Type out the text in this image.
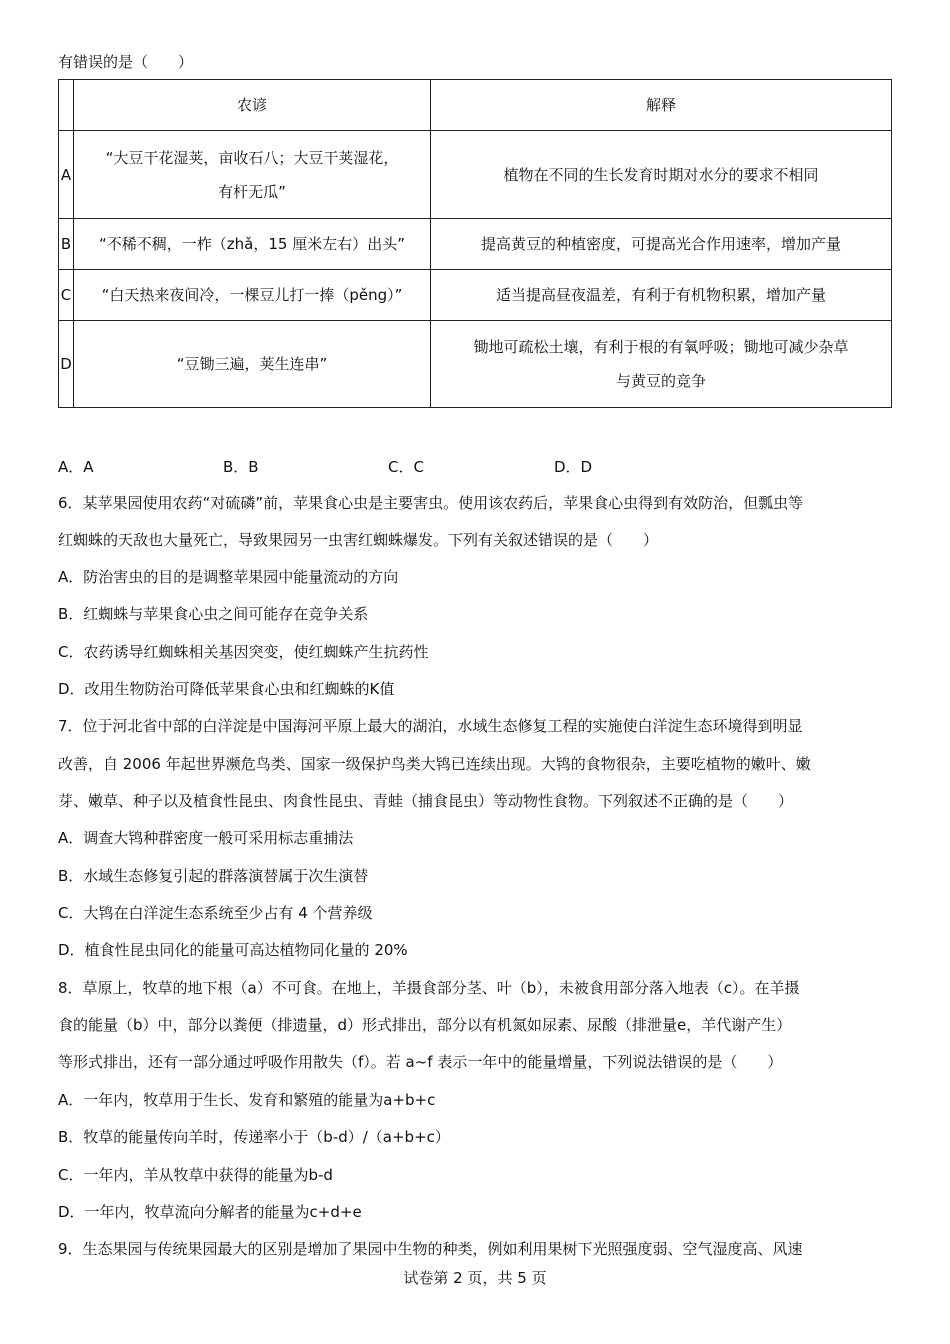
有错误的是（　　）
	农谚	解释
A	“大豆干花湿荚，亩收石八；大豆干荚湿花，
有杆无瓜”	植物在不同的生长发育时期对水分的要求不相同
B	“不稀不稠，一柞（zhǎ，15 厘米左右）出头”	提高黄豆的种植密度，可提高光合作用速率，增加产量
C	“白天热来夜间冷，一棵豆儿打一捧（pěng）”	适当提高昼夜温差，有利于有机物积累，增加产量
D	“豆锄三遍，荚生连串”	锄地可疏松土壤，有利于根的有氧呼吸；锄地可减少杂草
与黄豆的竞争
A．A	B．B	C．C	D．D
6．某苹果园使用农药“对硫磷”前，苹果食心虫是主要害虫。使用该农药后，苹果食心虫得到有效防治，但瓢虫等
红蜘蛛的天敌也大量死亡，导致果园另一虫害红蜘蛛爆发。下列有关叙述错误的是（　　）
A．防治害虫的目的是调整苹果园中能量流动的方向
B．红蜘蛛与苹果食心虫之间可能存在竞争关系
C．农药诱导红蜘蛛相关基因突变，使红蜘蛛产生抗药性
D．改用生物防治可降低苹果食心虫和红蜘蛛的K值
7．位于河北省中部的白洋淀是中国海河平原上最大的湖泊，水域生态修复工程的实施使白洋淀生态环境得到明显
改善，自 2006 年起世界濒危鸟类、国家一级保护鸟类大鸨已连续出现。大鸨的食物很杂，主要吃植物的嫩叶、嫩
芽、嫩草、种子以及植食性昆虫、肉食性昆虫、青蛙（捕食昆虫）等动物性食物。下列叙述不正确的是（　　）
A．调查大鸨种群密度一般可采用标志重捕法
B．水域生态修复引起的群落演替属于次生演替
C．大鸨在白洋淀生态系统至少占有 4 个营养级
D．植食性昆虫同化的能量可高达植物同化量的 20%
8．草原上，牧草的地下根（a）不可食。在地上，羊摄食部分茎、叶（b），未被食用部分落入地表（c）。在羊摄
食的能量（b）中，部分以粪便（排遗量，d）形式排出，部分以有机氮如尿素、尿酸（排泄量e，羊代谢产生）
等形式排出，还有一部分通过呼吸作用散失（f）。若 a~f 表示一年中的能量增量，下列说法错误的是（　　）
A．一年内，牧草用于生长、发育和繁殖的能量为a+b+c
B．牧草的能量传向羊时，传递率小于（b-d）/（a+b+c）
C．一年内，羊从牧草中获得的能量为b-d
D．一年内，牧草流向分解者的能量为c+d+e
9．生态果园与传统果园最大的区别是增加了果园中生物的种类，例如利用果树下光照强度弱、空气湿度高、风速
试卷第 2 页，共 5 页
